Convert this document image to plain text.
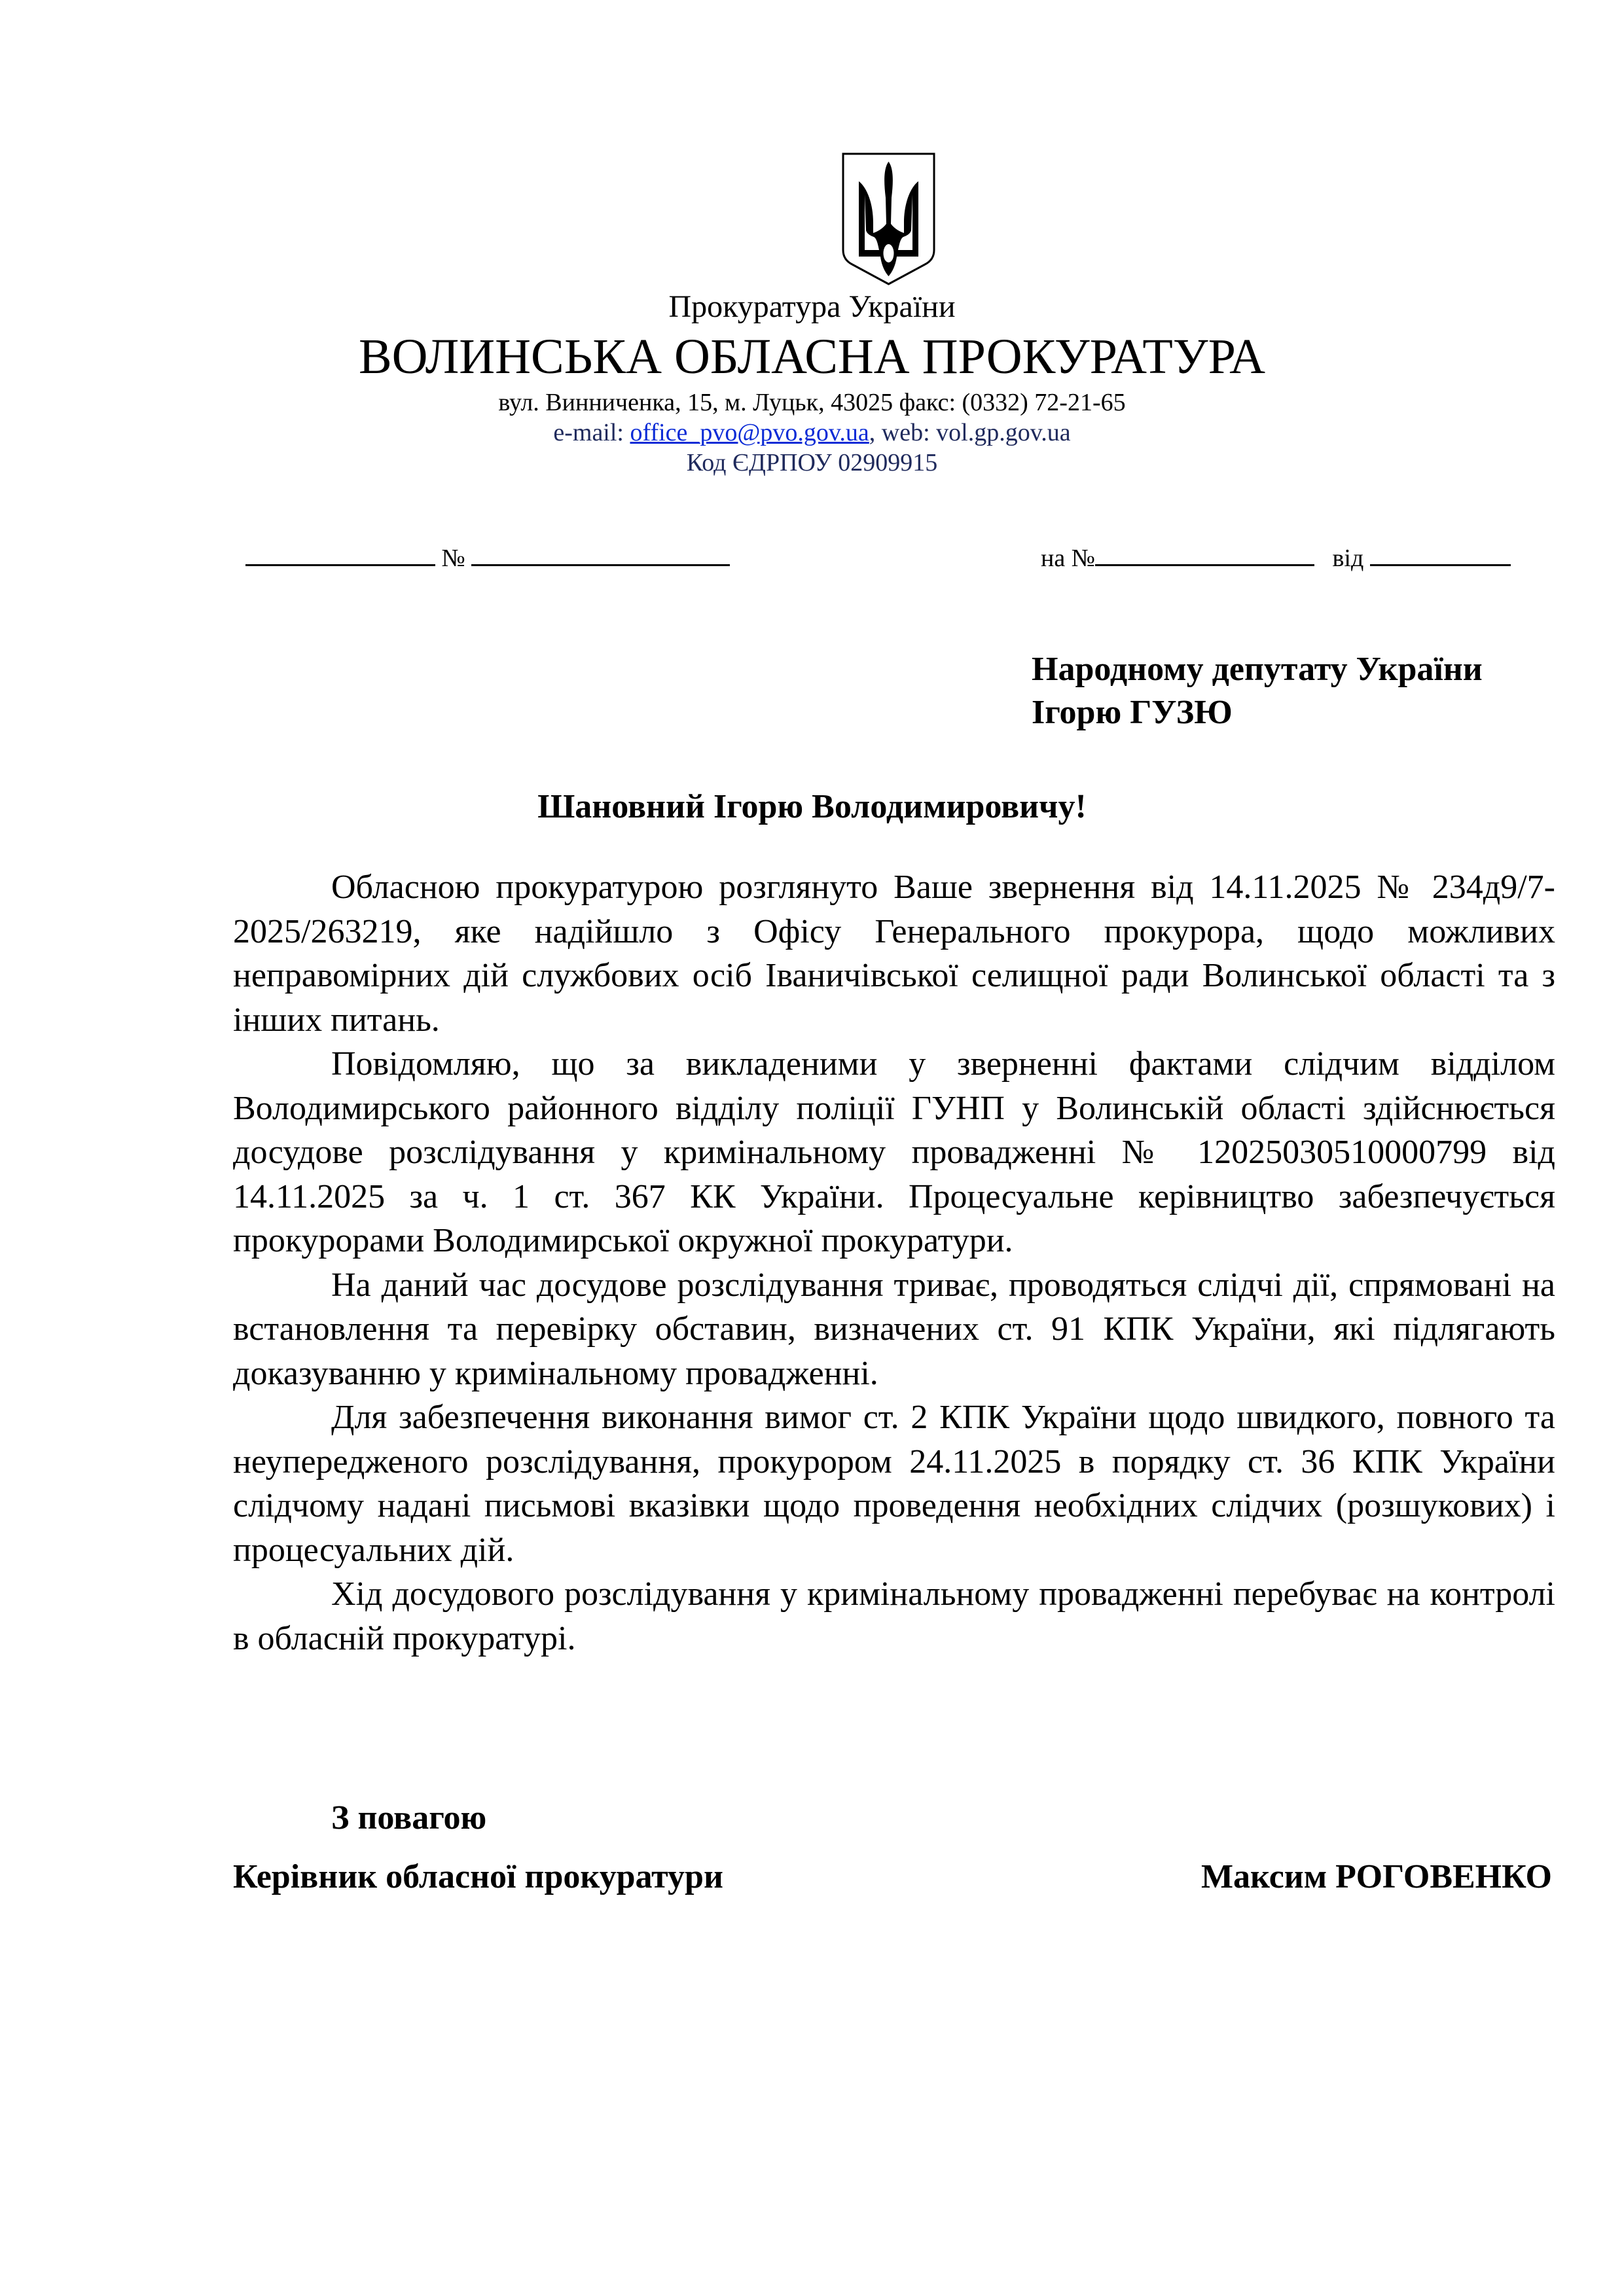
Прокуратура України
ВОЛИНСЬКА ОБЛАСНА ПРОКУРАТУРА
вул. Винниченка, 15, м. Луцьк, 43025 факс: (0332) 72-21-65
e-mail: office_pvo@pvo.gov.ua, web: vol.gp.gov.ua
Код ЄДРПОУ 02909915
№	на №	від
Народному депутату України
Ігорю ГУЗЮ
Шановний Ігорю Володимировичу!

Обласною прокуратурою розглянуто Ваше звернення від 14.11.2025 № 234д9/7-2025/263219, яке надійшло з Офісу Генерального прокурора, щодо можливих неправомірних дій службових осіб Іваничівської селищної ради Волинської області та з інших питань.

Повідомляю, що за викладеними у зверненні фактами слідчим відділом Володимирського районного відділу поліції ГУНП у Волинській області здійснюється досудове розслідування у кримінальному провадженні № 12025030510000799 від 14.11.2025 за ч. 1 ст. 367 КК України. Процесуальне керівництво забезпечується прокурорами Володимирської окружної прокуратури.

На даний час досудове розслідування триває, проводяться слідчі дії, спрямовані на встановлення та перевірку обставин, визначених ст. 91 КПК України, які підлягають доказуванню у кримінальному провадженні.

Для забезпечення виконання вимог ст. 2 КПК України щодо швидкого, повного та неупередженого розслідування, прокурором 24.11.2025 в порядку ст. 36 КПК України слідчому надані письмові вказівки щодо проведення необхідних слідчих (розшукових) і процесуальних дій.

Хід досудового розслідування у кримінальному провадженні перебуває на контролі в обласній прокуратурі.

З повагою
Керівник обласної прокуратури	Максим РОГОВЕНКО
